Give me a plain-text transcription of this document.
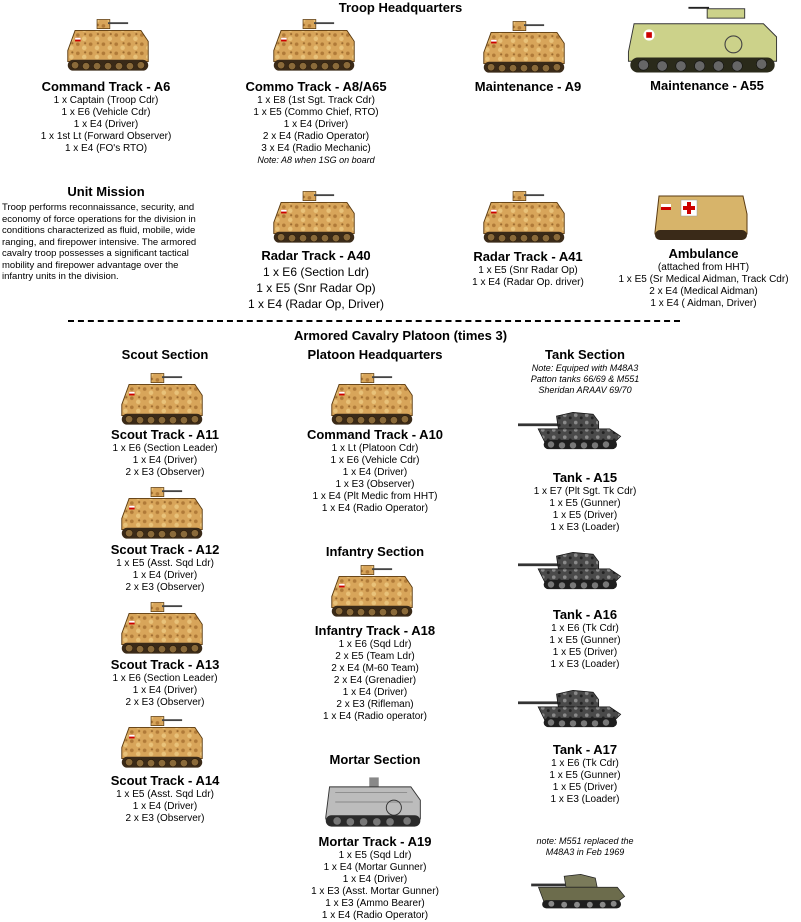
Troop Headquarters
Command Track - A6
1 x Captain (Troop Cdr)
1 x E6 (Vehicle Cdr)
1 x E4 (Driver)
1 x 1st Lt (Forward Observer)
1 x E4 (FO's RTO)
Commo Track - A8/A65
1 x E8 (1st Sgt. Track Cdr)
1 x E5 (Commo Chief, RTO)
1 x E4 (Driver)
2 x E4 (Radio Operator)
3 x E4 (Radio Mechanic)
Note: A8 when 1SG on board
Maintenance - A9	Maintenance - A55
Unit Mission
Troop performs reconnaissance, security, and economy of force operations for the division in conditions characterized as fluid, mobile, wide ranging, and firepower intensive. The armored cavalry troop possesses a significant tactical mobility and firepower advantage over the infantry units in the division.
Radar Track - A40
1 x E6 (Section Ldr)
1 x E5 (Snr Radar Op)
1 x E4 (Radar Op, Driver)
Radar Track - A41
1 x E5 (Snr Radar Op)
1 x E4 (Radar Op. driver)
Ambulance
(attached from HHT)
1 x E5 (Sr Medical Aidman, Track Cdr)
2 x E4 (Medical Aidman)
1 x E4 ( Aidman, Driver)
Armored Cavalry Platoon (times 3)
Scout Section	Platoon Headquarters	Tank Section
Note: Equiped with M48A3
Patton tanks 66/69 & M551
Sheridan ARAAV 69/70
Scout Track - A11
1 x E6 (Section Leader)
1 x E4 (Driver)
2 x E3 (Observer)
Scout Track - A12
1 x E5 (Asst. Sqd Ldr)
1 x E4 (Driver)
2 x E3 (Observer)
Scout Track - A13
1 x E6 (Section Leader)
1 x E4 (Driver)
2 x E3 (Observer)
Scout Track - A14
1 x E5 (Asst. Sqd Ldr)
1 x E4 (Driver)
2 x E3 (Observer)
Command Track - A10
1 x Lt (Platoon Cdr)
1 x E6 (Vehicle Cdr)
1 x E4 (Driver)
1 x E3 (Observer)
1 x E4 (Plt Medic from HHT)
1 x E4 (Radio Operator)
Infantry Section
Infantry Track - A18
1 x E6 (Sqd Ldr)
2 x E5 (Team Ldr)
2 x E4 (M-60 Team)
2 x E4 (Grenadier)
1 x E4 (Driver)
2 x E3 (Rifleman)
1 x E4 (Radio operator)
Mortar Section
Mortar Track - A19
1 x E5 (Sqd Ldr)
1 x E4 (Mortar Gunner)
1 x E4 (Driver)
1 x E3 (Asst. Mortar Gunner)
1 x E3 (Ammo Bearer)
1 x E4 (Radio Operator)
Tank - A15
1 x E7 (Plt Sgt. Tk Cdr)
1 x E5 (Gunner)
1 x E5 (Driver)
1 x E3 (Loader)
Tank - A16
1 x E6 (Tk Cdr)
1 x E5 (Gunner)
1 x E5 (Driver)
1 x E3 (Loader)
Tank - A17
1 x E6 (Tk Cdr)
1 x E5 (Gunner)
1 x E5 (Driver)
1 x E3 (Loader)
note: M551 replaced the
M48A3 in Feb 1969
